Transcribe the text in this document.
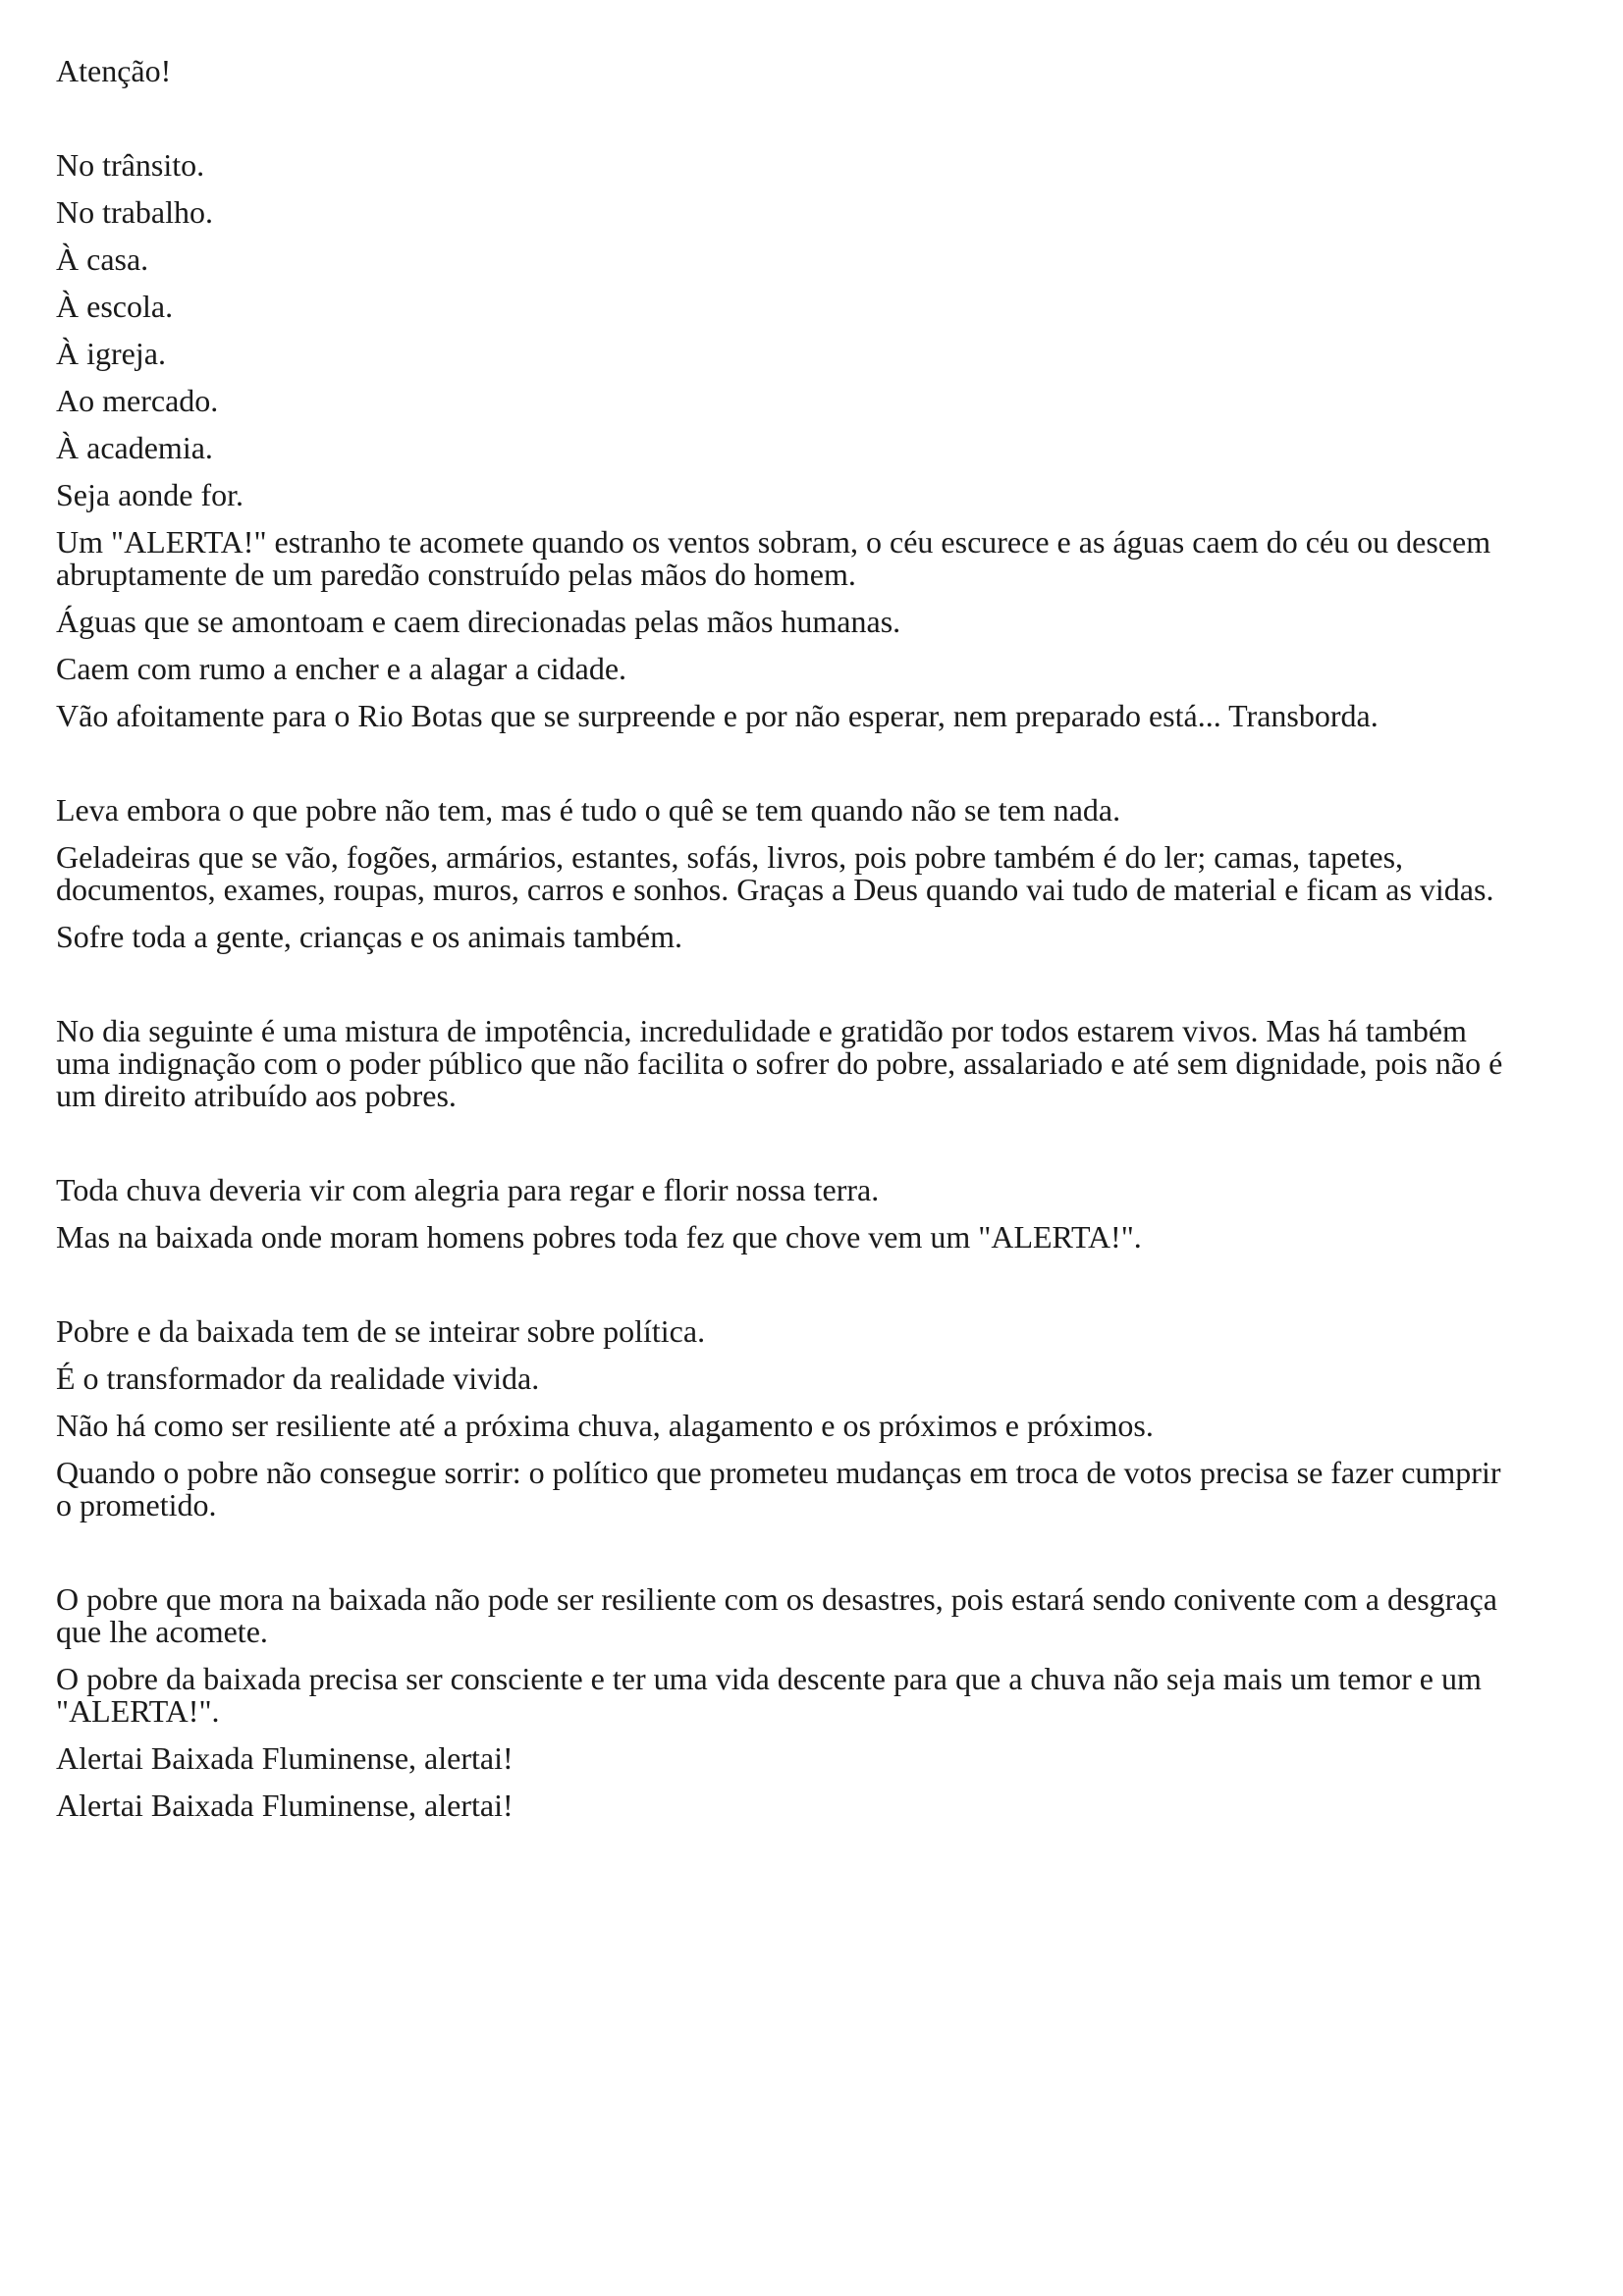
Atenção!

No trânsito.

No trabalho.

À casa.

À escola.

À igreja.

Ao mercado.

À academia.

Seja aonde for.

Um "ALERTA!" estranho te acomete quando os ventos sobram, o céu escurece e as águas caem do céu ou descem abruptamente de um paredão construído pelas mãos do homem.

Águas que se amontoam e caem direcionadas pelas mãos humanas.

Caem com rumo a encher e a alagar a cidade.

Vão afoitamente para o Rio Botas que se surpreende e por não esperar, nem preparado está... Transborda.

Leva embora o que pobre não tem, mas é tudo o quê se tem quando não se tem nada.

Geladeiras que se vão, fogões, armários, estantes, sofás, livros, pois pobre também é do ler; camas, tapetes, documentos, exames, roupas, muros, carros e sonhos. Graças a Deus quando vai tudo de material e ficam as vidas.

Sofre toda a gente, crianças e os animais também.

No dia seguinte é uma mistura de impotência, incredulidade e gratidão por todos estarem vivos. Mas há também uma indignação com o poder público que não facilita o sofrer do pobre, assalariado e até sem dignidade, pois não é um direito atribuído aos pobres.

Toda chuva deveria vir com alegria para regar e florir nossa terra.

Mas na baixada onde moram homens pobres toda fez que chove vem um "ALERTA!".

Pobre e da baixada tem de se inteirar sobre política.

É o transformador da realidade vivida.

Não há como ser resiliente até a próxima chuva, alagamento e os próximos e próximos.

Quando o pobre não consegue sorrir: o político que prometeu mudanças em troca de votos precisa se fazer cumprir o prometido.

O pobre que mora na baixada não pode ser resiliente com os desastres, pois estará sendo conivente com a desgraça que lhe acomete.

O pobre da baixada precisa ser consciente e ter uma vida descente para que a chuva não seja mais um temor e um "ALERTA!".

Alertai Baixada Fluminense, alertai!

Alertai Baixada Fluminense, alertai!
